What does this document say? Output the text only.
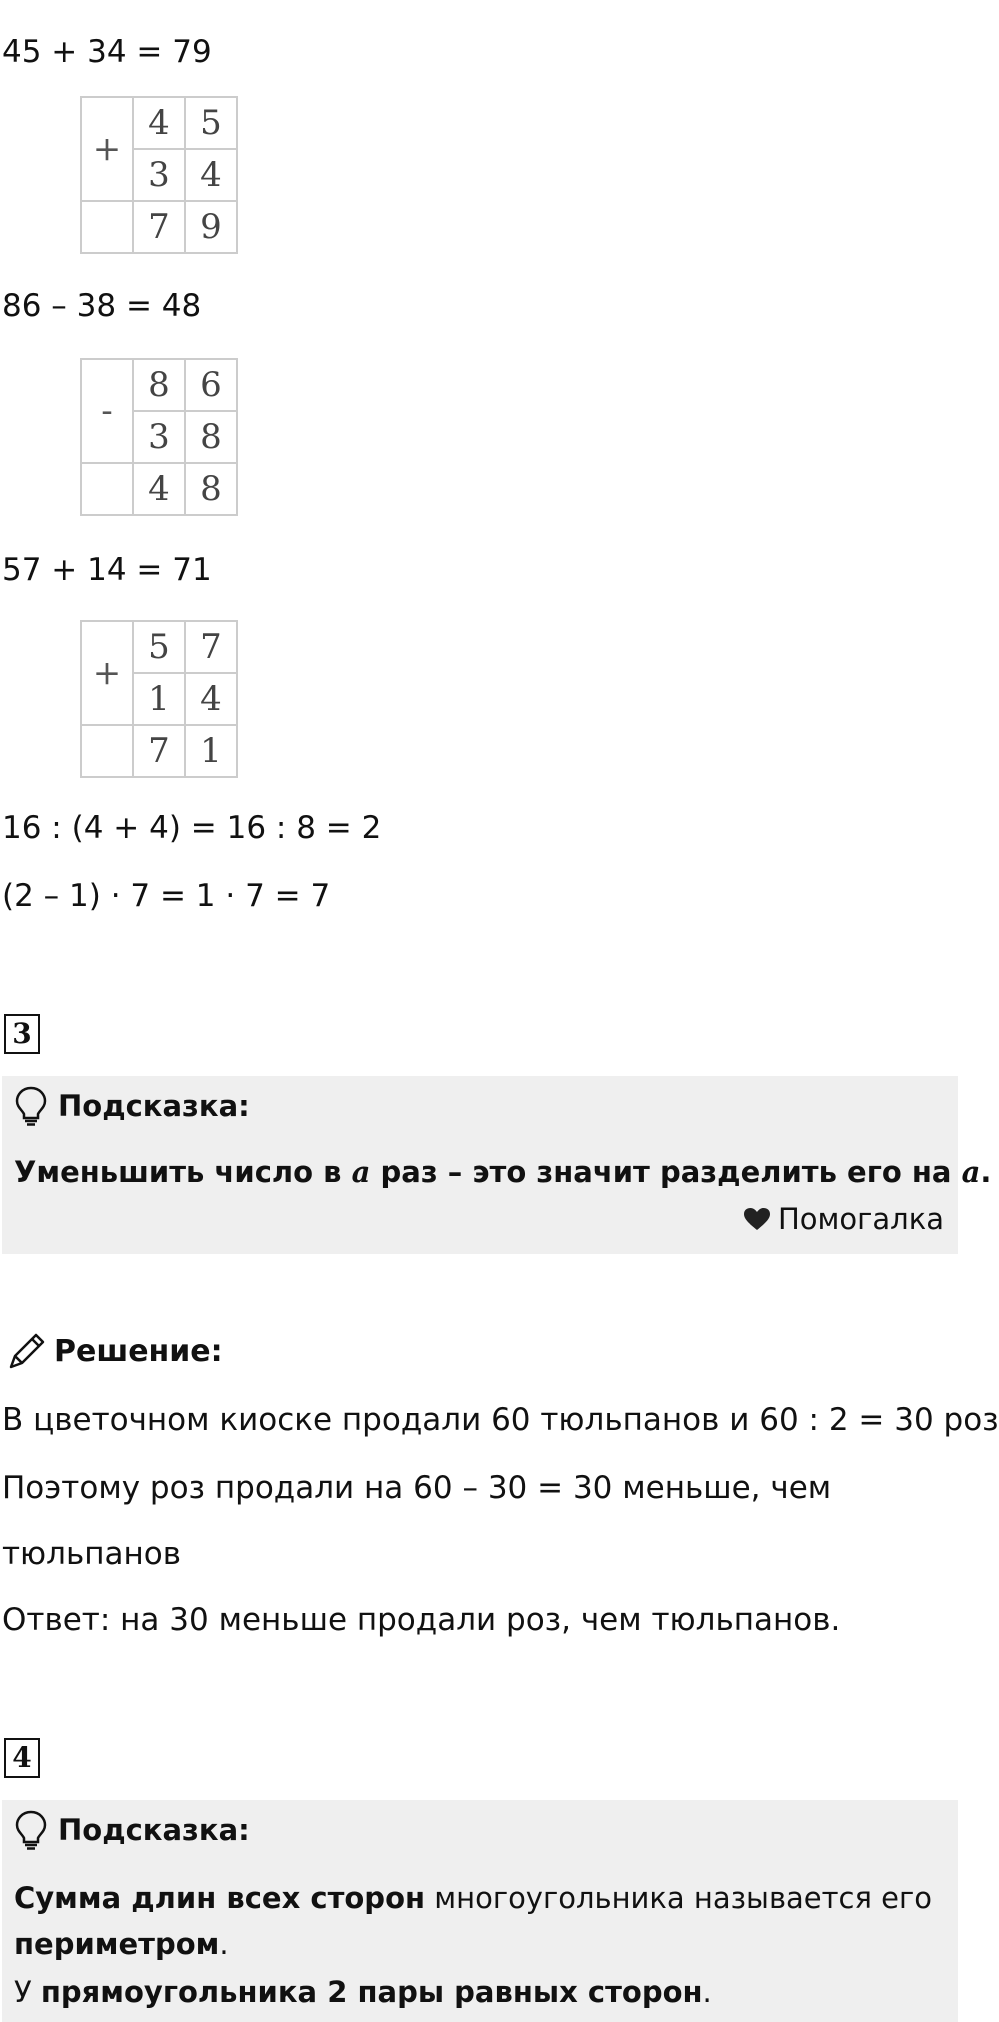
45 + 34 = 79
+	4	5
	3	4
	7	9
86 – 38 = 48
-	8	6
	3	8
	4	8
57 + 14 = 71
+	5	7
	1	4
	7	1
16 : (4 + 4) = 16 : 8 = 2
(2 – 1) · 7 = 1 · 7 = 7
3
Подсказка:
Уменьшить число в a раз – это значит разделить его на a.
Помогалка
Решение:
В цветочном киоске продали 60 тюльпанов и 60 : 2 = 30 роз
Поэтому роз продали на 60 – 30 = 30 меньше, чем
тюльпанов
Ответ: на 30 меньше продали роз, чем тюльпанов.
4
Подсказка:
Сумма длин всех сторон многоугольника называется его
периметром.
У прямоугольника 2 пары равных сторон.
